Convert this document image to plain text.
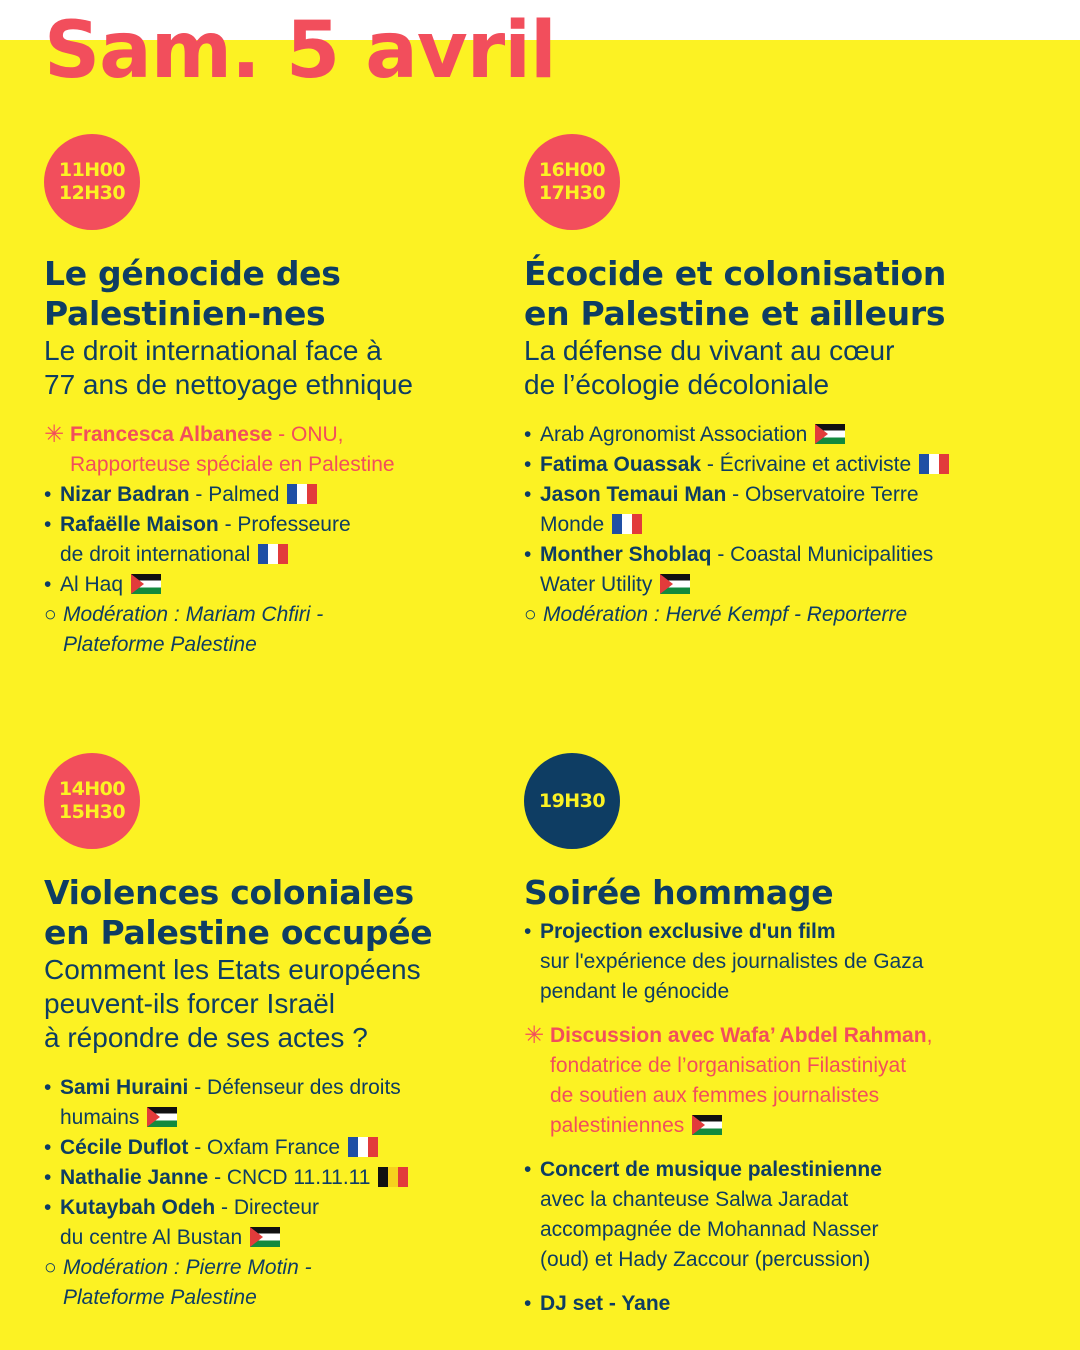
Sam. 5 avril
11H00
12H30
Le génocide des
Palestinien-nes
Le droit international face à
77 ans de nettoyage ethnique
✳ Francesca Albanese - ONU,
Rapporteuse spéciale en Palestine
• Nizar Badran - Palmed
• Rafaëlle Maison - Professeure
de droit international
• Al Haq
○ Modération : Mariam Chfiri -
Plateforme Palestine
16H00
17H30
Écocide et colonisation
en Palestine et ailleurs
La défense du vivant au cœur
de l’écologie décoloniale
• Arab Agronomist Association
• Fatima Ouassak - Écrivaine et activiste
• Jason Temaui Man - Observatoire Terre
Monde
• Monther Shoblaq - Coastal Municipalities
Water Utility
○ Modération : Hervé Kempf - Reporterre
14H00
15H30
Violences coloniales
en Palestine occupée
Comment les Etats européens
peuvent-ils forcer Israël
à répondre de ses actes ?
• Sami Huraini - Défenseur des droits
humains
• Cécile Duflot - Oxfam France
• Nathalie Janne - CNCD 11.11.11
• Kutaybah Odeh - Directeur
du centre Al Bustan
○ Modération : Pierre Motin -
Plateforme Palestine
19H30
Soirée hommage
• Projection exclusive d'un film
sur l'expérience des journalistes de Gaza
pendant le génocide
✳ Discussion avec Wafa’ Abdel Rahman,
fondatrice de l’organisation Filastiniyat
de soutien aux femmes journalistes
palestiniennes
• Concert de musique palestinienne
avec la chanteuse Salwa Jaradat
accompagnée de Mohannad Nasser
(oud) et Hady Zaccour (percussion)
• DJ set - Yane
